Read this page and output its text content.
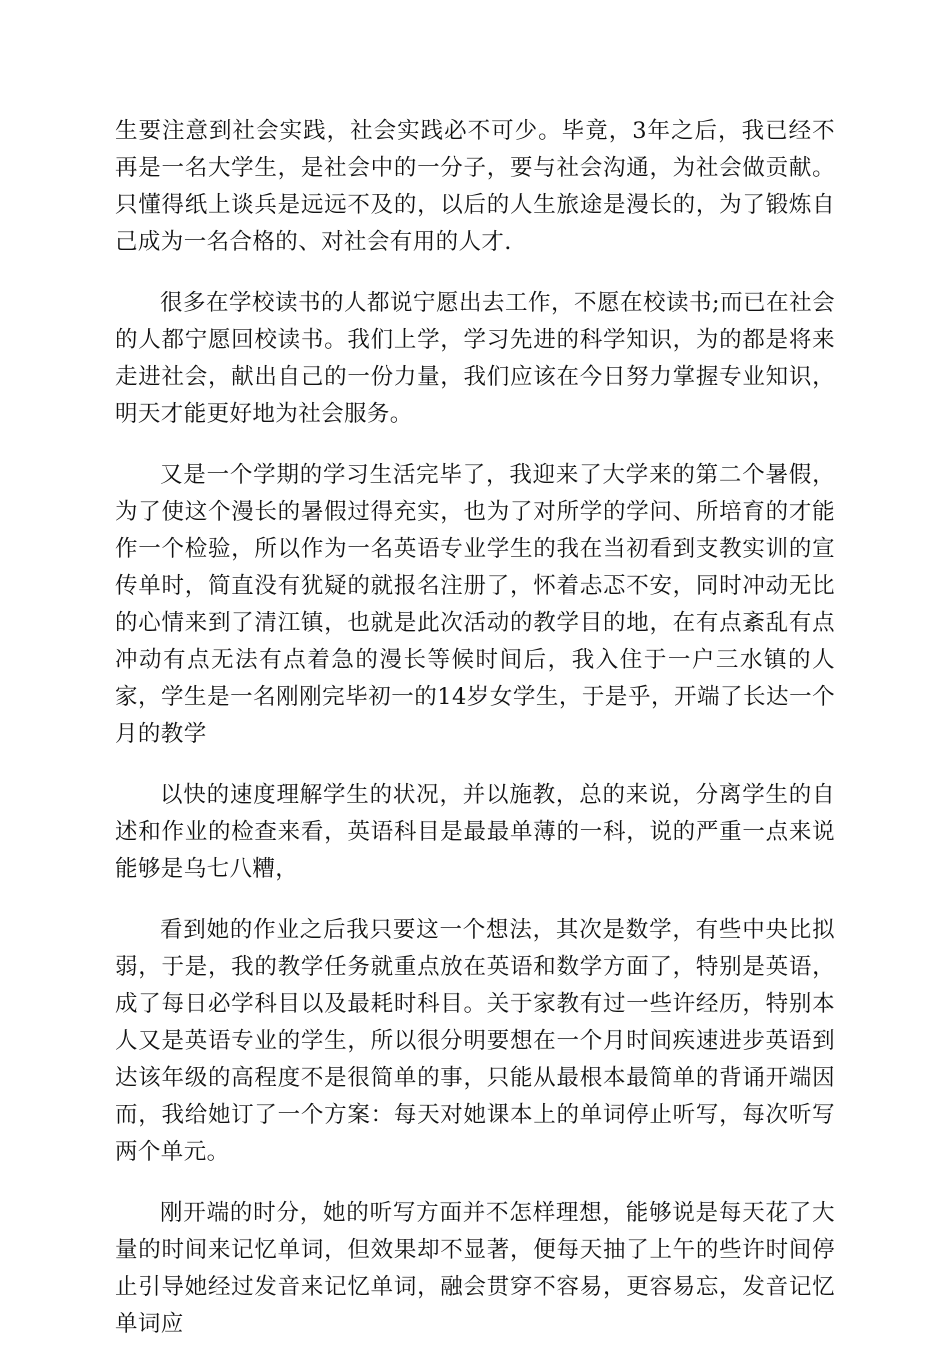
生要注意到社会实践，社会实践必不可少。毕竟，3年之后，我已经不再是一名大学生，是社会中的一分子，要与社会沟通，为社会做贡献。只懂得纸上谈兵是远远不及的，以后的人生旅途是漫长的，为了锻炼自己成为一名合格的、对社会有用的人才.

很多在学校读书的人都说宁愿出去工作，不愿在校读书;而已在社会的人都宁愿回校读书。我们上学，学习先进的科学知识，为的都是将来走进社会，献出自己的一份力量，我们应该在今日努力掌握专业知识，明天才能更好地为社会服务。

又是一个学期的学习生活完毕了，我迎来了大学来的第二个暑假，为了使这个漫长的暑假过得充实，也为了对所学的学问、所培育的才能作一个检验，所以作为一名英语专业学生的我在当初看到支教实训的宣传单时，简直没有犹疑的就报名注册了，怀着忐忑不安，同时冲动无比的心情来到了清江镇，也就是此次活动的教学目的地，在有点紊乱有点冲动有点无法有点着急的漫长等候时间后，我入住于一户三水镇的人家，学生是一名刚刚完毕初一的14岁女学生，于是乎，开端了长达一个月的教学

以快的速度理解学生的状况，并以施教，总的来说，分离学生的自述和作业的检查来看，英语科目是最最单薄的一科，说的严重一点来说能够是乌七八糟，

看到她的作业之后我只要这一个想法，其次是数学，有些中央比拟弱，于是，我的教学任务就重点放在英语和数学方面了，特别是英语，成了每日必学科目以及最耗时科目。关于家教有过一些许经历，特别本人又是英语专业的学生，所以很分明要想在一个月时间疾速进步英语到达该年级的高程度不是很简单的事，只能从最根本最简单的背诵开端因而，我给她订了一个方案：每天对她课本上的单词停止听写，每次听写两个单元。

刚开端的时分，她的听写方面并不怎样理想，能够说是每天花了大量的时间来记忆单词，但效果却不显著，便每天抽了上午的些许时间停止引导她经过发音来记忆单词，融会贯穿不容易，更容易忘，发音记忆单词应
